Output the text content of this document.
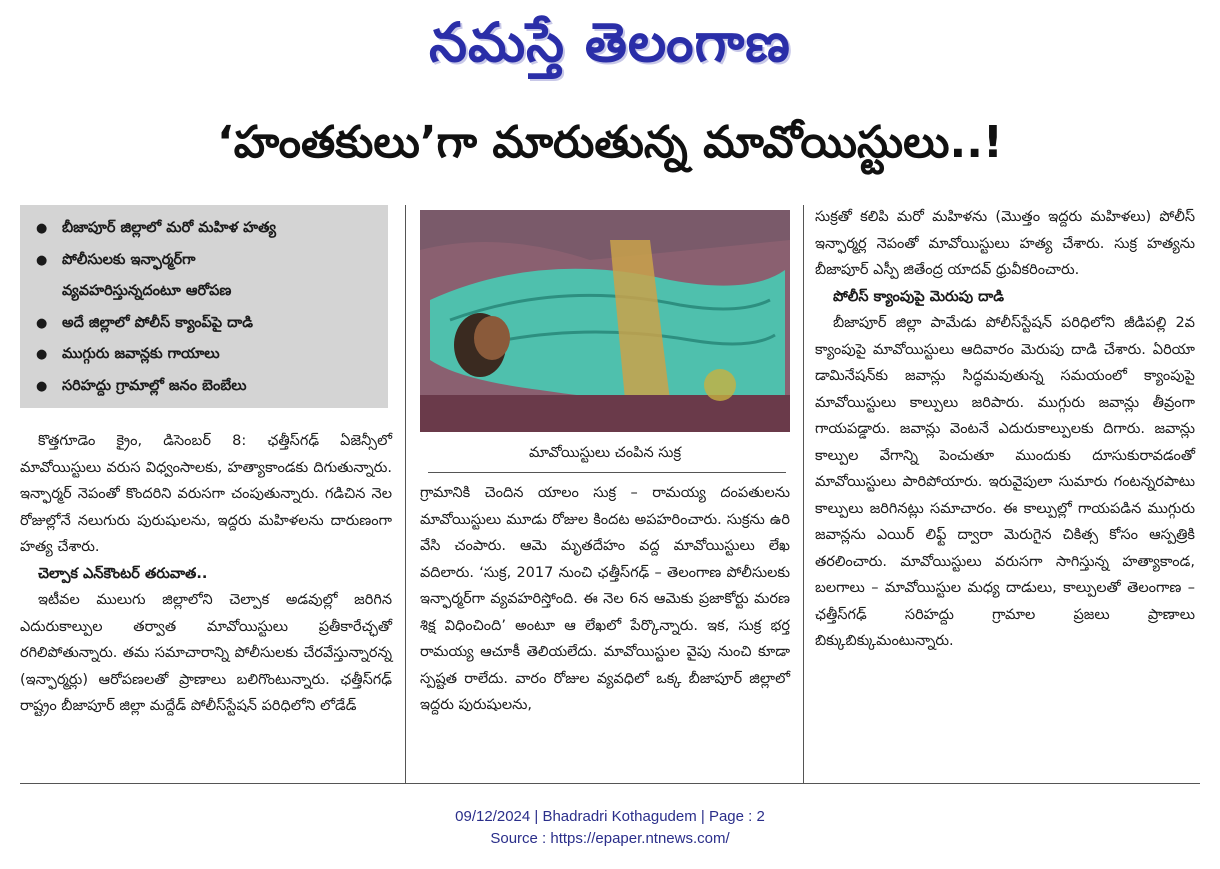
నమస్తే తెలంగాణ
‘హంతకులు’గా మారుతున్న మావోయిస్టులు..!
● బీజాపూర్ జిల్లాలో మరో మహిళ హత్య
● పోలీసులకు ఇన్ఫార్మర్‌గా వ్యవహరిస్తున్నదంటూ ఆరోపణ
● అదే జిల్లాలో పోలీస్ క్యాంప్‌పై దాడి
● ముగ్గురు జవాన్లకు గాయాలు
● సరిహద్దు గ్రామాల్లో జనం బెంబేలు

కొత్తగూడెం క్రైం, డిసెంబర్ 8: ఛత్తీస్‌గఢ్ ఏజెన్సీలో మావోయిస్టులు వరుస విధ్వంసాలకు, హత్యాకాండకు దిగుతున్నారు. ఇన్ఫార్మర్ నెపంతో కొందరిని వరుసగా చంపుతున్నారు. గడిచిన నెల రోజుల్లోనే నలుగురు పురుషులను, ఇద్దరు మహిళలను దారుణంగా హత్య చేశారు.

చెల్పాక ఎన్‌కౌంటర్ తరువాత..

ఇటీవల ములుగు జిల్లాలోని చెల్పాక అడవుల్లో జరిగిన ఎదురుకాల్పుల తర్వాత మావోయిస్టులు ప్రతీకారేచ్ఛతో రగిలిపోతున్నారు. తమ సమాచారాన్ని పోలీసులకు చేరవేస్తున్నారన్న (ఇన్ఫార్మర్లు) ఆరోపణలతో ప్రాణాలు బలిగొంటున్నారు. ఛత్తీస్‌గఢ్ రాష్ట్రం బీజాపూర్ జిల్లా మద్దేడ్ పోలీస్‌స్టేషన్ పరిధిలోని లోడేడ్

మావోయిస్టులు చంపిన సుక్ర

గ్రామానికి చెందిన యాలం సుక్ర – రామయ్య దంపతులను మావోయిస్టులు మూడు రోజుల కిందట అపహరించారు. సుక్రను ఉరి వేసి చంపారు. ఆమె మృతదేహం వద్ద మావోయిస్టులు లేఖ వదిలారు. ‘సుక్ర, 2017 నుంచి ఛత్తీస్‌గఢ్ – తెలంగాణ పోలీసులకు ఇన్ఫార్మర్‌గా వ్యవహరిస్తోంది. ఈ నెల 6న ఆమెకు ప్రజాకోర్టు మరణ శిక్ష విధించింది’ అంటూ ఆ లేఖలో పేర్కొన్నారు. ఇక, సుక్ర భర్త రామయ్య ఆచూకీ తెలియలేదు. మావోయిస్టుల వైపు నుంచి కూడా స్పష్టత రాలేదు. వారం రోజుల వ్యవధిలో ఒక్క బీజాపూర్ జిల్లాలో ఇద్దరు పురుషులను,

సుక్రతో కలిపి మరో మహిళను (మొత్తం ఇద్దరు మహిళలు) పోలీస్ ఇన్ఫార్మర్ల నెపంతో మావోయిస్టులు హత్య చేశారు. సుక్ర హత్యను బీజాపూర్ ఎస్పీ జితేంద్ర యాదవ్ ధ్రువీకరించారు.

పోలీస్ క్యాంపుపై మెరుపు దాడి

బీజాపూర్ జిల్లా పామేడు పోలీస్‌స్టేషన్ పరిధిలోని జీడిపల్లి 2వ క్యాంపుపై మావోయిస్టులు ఆదివారం మెరుపు దాడి చేశారు. ఏరియా డామినేషన్‌కు జవాన్లు సిద్ధమవుతున్న సమయంలో క్యాంపుపై మావోయిస్టులు కాల్పులు జరిపారు. ముగ్గురు జవాన్లు తీవ్రంగా గాయపడ్డారు. జవాన్లు వెంటనే ఎదురుకాల్పులకు దిగారు. జవాన్లు కాల్పుల వేగాన్ని పెంచుతూ ముందుకు దూసుకురావడంతో మావోయిస్టులు పారిపోయారు. ఇరువైపులా సుమారు గంటన్నరపాటు కాల్పులు జరిగినట్లు సమాచారం. ఈ కాల్పుల్లో గాయపడిన ముగ్గురు జవాన్లను ఎయిర్ లిఫ్ట్ ద్వారా మెరుగైన చికిత్స కోసం ఆస్పత్రికి తరలించారు. మావోయిస్టులు వరుసగా సాగిస్తున్న హత్యాకాండ, బలగాలు – మావోయిస్టుల మధ్య దాడులు, కాల్పులతో తెలంగాణ – ఛత్తీస్‌గఢ్ సరిహద్దు గ్రామాల ప్రజలు ప్రాణాలు బిక్కుబిక్కుమంటున్నారు.

09/12/2024 | Bhadradri Kothagudem | Page : 2
Source : https://epaper.ntnews.com/
